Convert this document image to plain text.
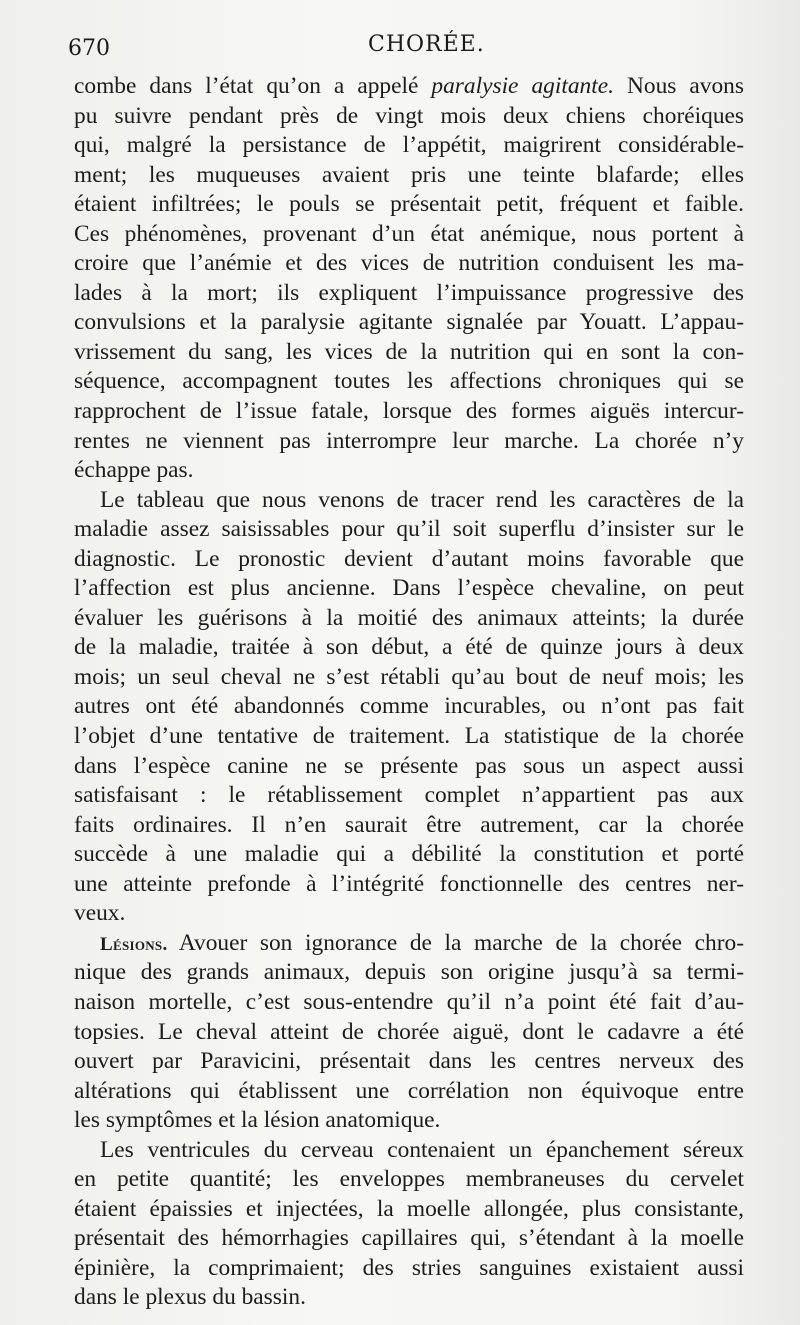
670	CHORÉE.
combe dans l’état qu’on a appelé paralysie agitante. Nous avons
pu suivre pendant près de vingt mois deux chiens choréiques
qui, malgré la persistance de l’appétit, maigrirent considérable-
ment; les muqueuses avaient pris une teinte blafarde; elles
étaient infiltrées; le pouls se présentait petit, fréquent et faible.
Ces phénomènes, provenant d’un état anémique, nous portent à
croire que l’anémie et des vices de nutrition conduisent les ma-
lades à la mort; ils expliquent l’impuissance progressive des
convulsions et la paralysie agitante signalée par Youatt. L’appau-
vrissement du sang, les vices de la nutrition qui en sont la con-
séquence, accompagnent toutes les affections chroniques qui se
rapprochent de l’issue fatale, lorsque des formes aiguës intercur-
rentes ne viennent pas interrompre leur marche. La chorée n’y
échappe pas.
Le tableau que nous venons de tracer rend les caractères de la
maladie assez saisissables pour qu’il soit superflu d’insister sur le
diagnostic. Le pronostic devient d’autant moins favorable que
l’affection est plus ancienne. Dans l’espèce chevaline, on peut
évaluer les guérisons à la moitié des animaux atteints; la durée
de la maladie, traitée à son début, a été de quinze jours à deux
mois; un seul cheval ne s’est rétabli qu’au bout de neuf mois; les
autres ont été abandonnés comme incurables, ou n’ont pas fait
l’objet d’une tentative de traitement. La statistique de la chorée
dans l’espèce canine ne se présente pas sous un aspect aussi
satisfaisant : le rétablissement complet n’appartient pas aux
faits ordinaires. Il n’en saurait être autrement, car la chorée
succède à une maladie qui a débilité la constitution et porté
une atteinte prefonde à l’intégrité fonctionnelle des centres ner-
veux.
Lésions. Avouer son ignorance de la marche de la chorée chro-
nique des grands animaux, depuis son origine jusqu’à sa termi-
naison mortelle, c’est sous-entendre qu’il n’a point été fait d’au-
topsies. Le cheval atteint de chorée aiguë, dont le cadavre a été
ouvert par Paravicini, présentait dans les centres nerveux des
altérations qui établissent une corrélation non équivoque entre
les symptômes et la lésion anatomique.
Les ventricules du cerveau contenaient un épanchement séreux
en petite quantité; les enveloppes membraneuses du cervelet
étaient épaissies et injectées, la moelle allongée, plus consistante,
présentait des hémorrhagies capillaires qui, s’étendant à la moelle
épinière, la comprimaient; des stries sanguines existaient aussi
dans le plexus du bassin.
